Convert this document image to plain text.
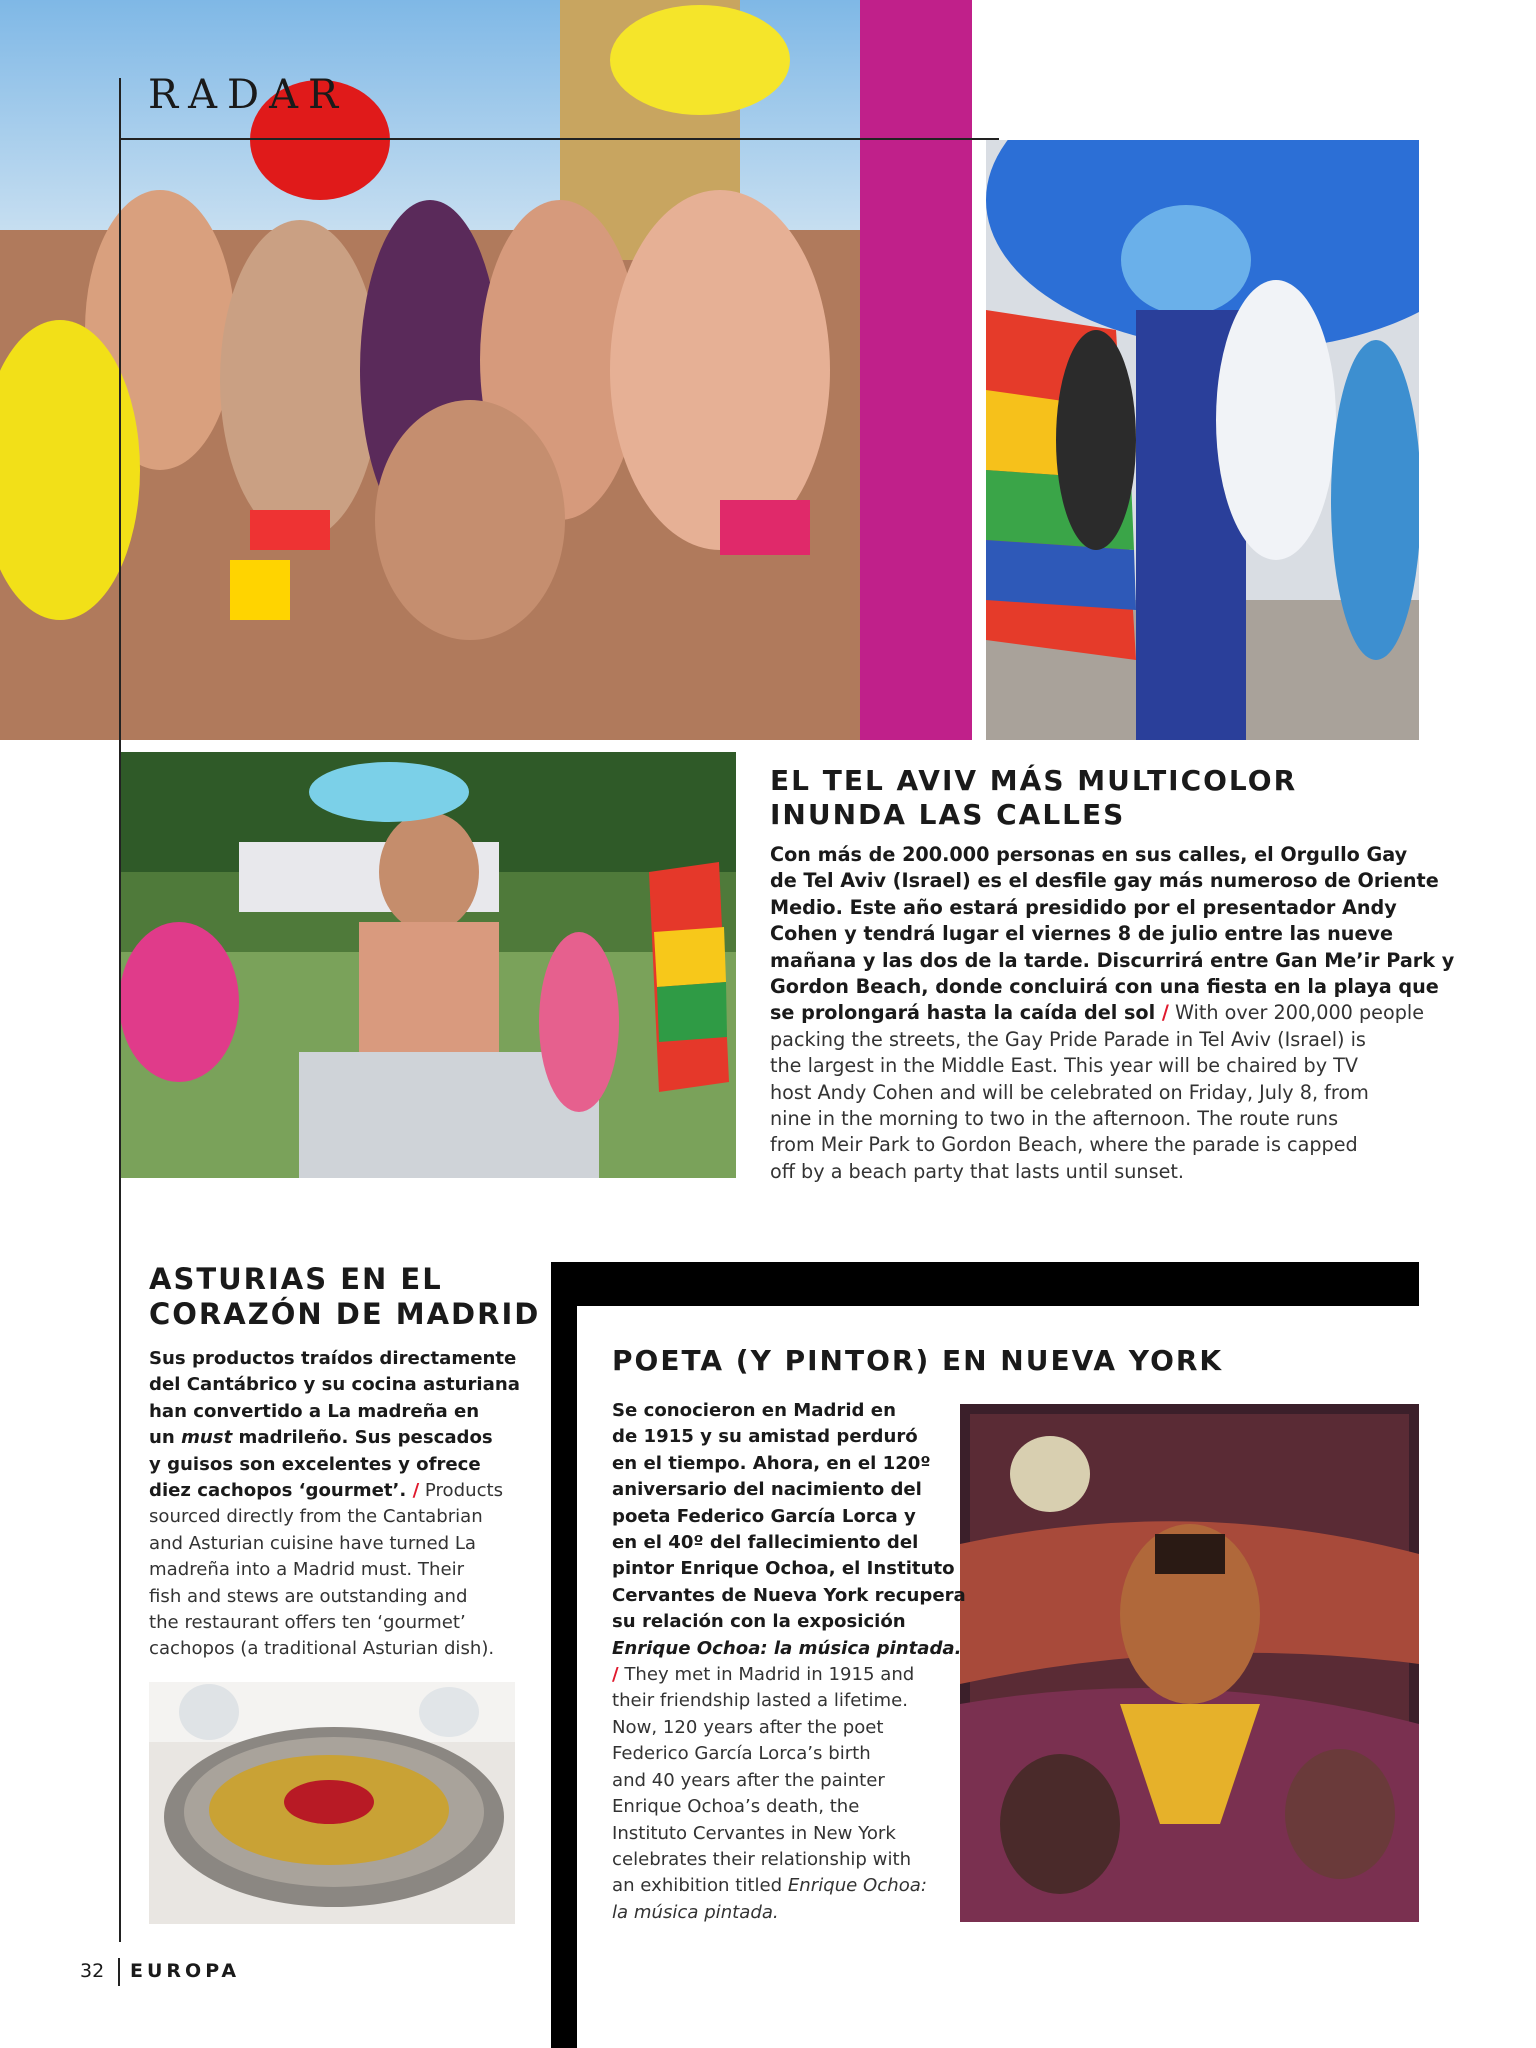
RADAR
EL TEL AVIV MÁS MULTICOLOR
INUNDA LAS CALLES
Con más de 200.000 personas en sus calles, el Orgullo Gay
de Tel Aviv (Israel) es el desfile gay más numeroso de Oriente
Medio. Este año estará presidido por el presentador Andy
Cohen y tendrá lugar el viernes 8 de julio entre las nueve
mañana y las dos de la tarde. Discurrirá entre Gan Me’ir Park y
Gordon Beach, donde concluirá con una fiesta en la playa que
se prolongará hasta la caída del sol / With over 200,000 people
packing the streets, the Gay Pride Parade in Tel Aviv (Israel) is
the largest in the Middle East. This year will be chaired by TV
host Andy Cohen and will be celebrated on Friday, July 8, from
nine in the morning to two in the afternoon. The route runs
from Meir Park to Gordon Beach, where the parade is capped
off by a beach party that lasts until sunset.
ASTURIAS EN EL
CORAZÓN DE MADRID
Sus productos traídos directamente
del Cantábrico y su cocina asturiana
han convertido a La madreña en
un must madrileño. Sus pescados
y guisos son excelentes y ofrece
diez cachopos ‘gourmet’. / Products
sourced directly from the Cantabrian
and Asturian cuisine have turned La
madreña into a Madrid must. Their
fish and stews are outstanding and
the restaurant offers ten ‘gourmet’
cachopos (a traditional Asturian dish).
POETA (Y PINTOR) EN NUEVA YORK
Se conocieron en Madrid en
de 1915 y su amistad perduró
en el tiempo. Ahora, en el 120º
aniversario del nacimiento del
poeta Federico García Lorca y
en el 40º del fallecimiento del
pintor Enrique Ochoa, el Instituto
Cervantes de Nueva York recupera
su relación con la exposición
Enrique Ochoa: la música pintada.
/ They met in Madrid in 1915 and
their friendship lasted a lifetime.
Now, 120 years after the poet
Federico García Lorca’s birth
and 40 years after the painter
Enrique Ochoa’s death, the
Instituto Cervantes in New York
celebrates their relationship with
an exhibition titled Enrique Ochoa:
la música pintada.
32 EUROPA
